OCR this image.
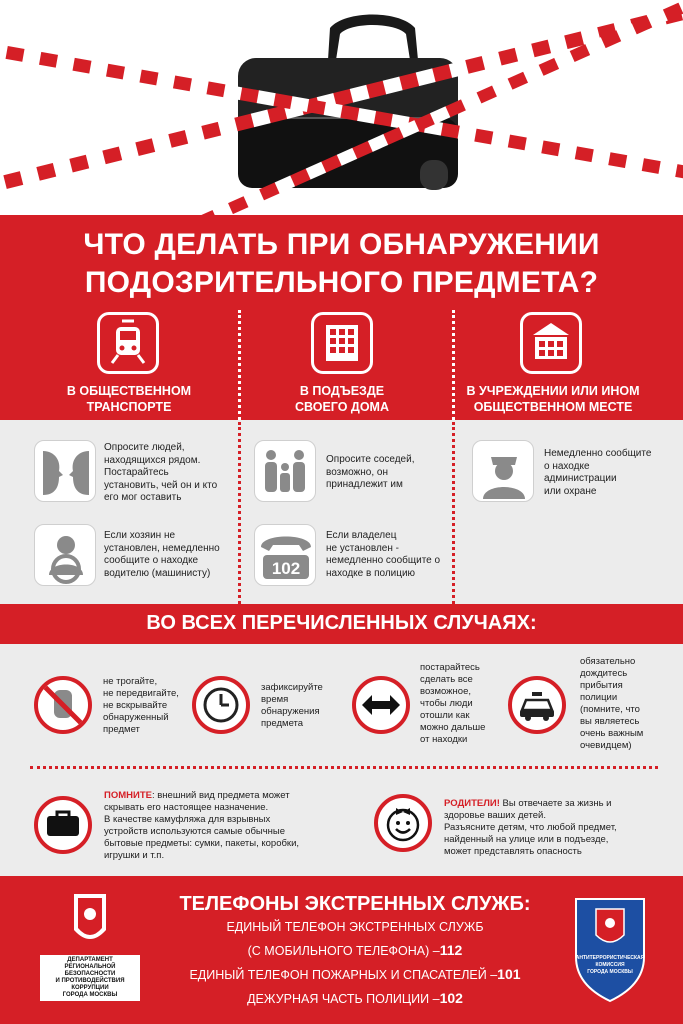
ЧТО ДЕЛАТЬ ПРИ ОБНАРУЖЕНИИ
ПОДОЗРИТЕЛЬНОГО ПРЕДМЕТА?
В ОБЩЕСТВЕННОМ
ТРАНСПОРТЕ
В ПОДЪЕЗДЕ
СВОЕГО ДОМА
В УЧРЕЖДЕНИИ ИЛИ ИНОМ
ОБЩЕСТВЕННОМ МЕСТЕ
Опросите людей,
находящихся рядом.
Постарайтесь
установить, чей он и кто
его мог оставить
Если хозяин не
установлен, немедленно
сообщите о находке
водителю (машинисту)
Опросите соседей,
возможно, он
принадлежит им
102
Если владелец
не установлен -
немедленно сообщите о
находке в полицию
Немедленно сообщите
о находке
администрации
или охране
ВО ВСЕХ ПЕРЕЧИСЛЕННЫХ СЛУЧАЯХ:
не трогайте,
не передвигайте,
не вскрывайте
обнаруженный
предмет
зафиксируйте
время
обнаружения
предмета
постарайтесь
сделать все
возможное,
чтобы люди
отошли как
можно дальше
от находки
обязательно
дождитесь
прибытия
полиции
(помните, что
вы являетесь
очень важным
очевидцем)
ПОМНИТЕ: внешний вид предмета может
скрывать его настоящее назначение.
В качестве камуфляжа для взрывных
устройств используются самые обычные
бытовые предметы: сумки, пакеты, коробки,
игрушки и т.п.
РОДИТЕЛИ! Вы отвечаете за жизнь и
здоровье ваших детей.
Разъясните детям, что любой предмет,
найденный на улице или в подъезде,
может представлять опасность
ДЕПАРТАМЕНТ РЕГИОНАЛЬНОЙ
БЕЗОПАСНОСТИ
И ПРОТИВОДЕЙСТВИЯ
КОРРУПЦИИ
ГОРОДА МОСКВЫ
АНТИТЕРРОРИСТИЧЕСКАЯ
КОМИССИЯ
ГОРОДА МОСКВЫ
ТЕЛЕФОНЫ ЭКСТРЕННЫХ СЛУЖБ:
ЕДИНЫЙ ТЕЛЕФОН ЭКСТРЕННЫХ СЛУЖБ
(С МОБИЛЬНОГО ТЕЛЕФОНА) –112
ЕДИНЫЙ ТЕЛЕФОН ПОЖАРНЫХ И СПАСАТЕЛЕЙ –101
ДЕЖУРНАЯ ЧАСТЬ ПОЛИЦИИ –102
